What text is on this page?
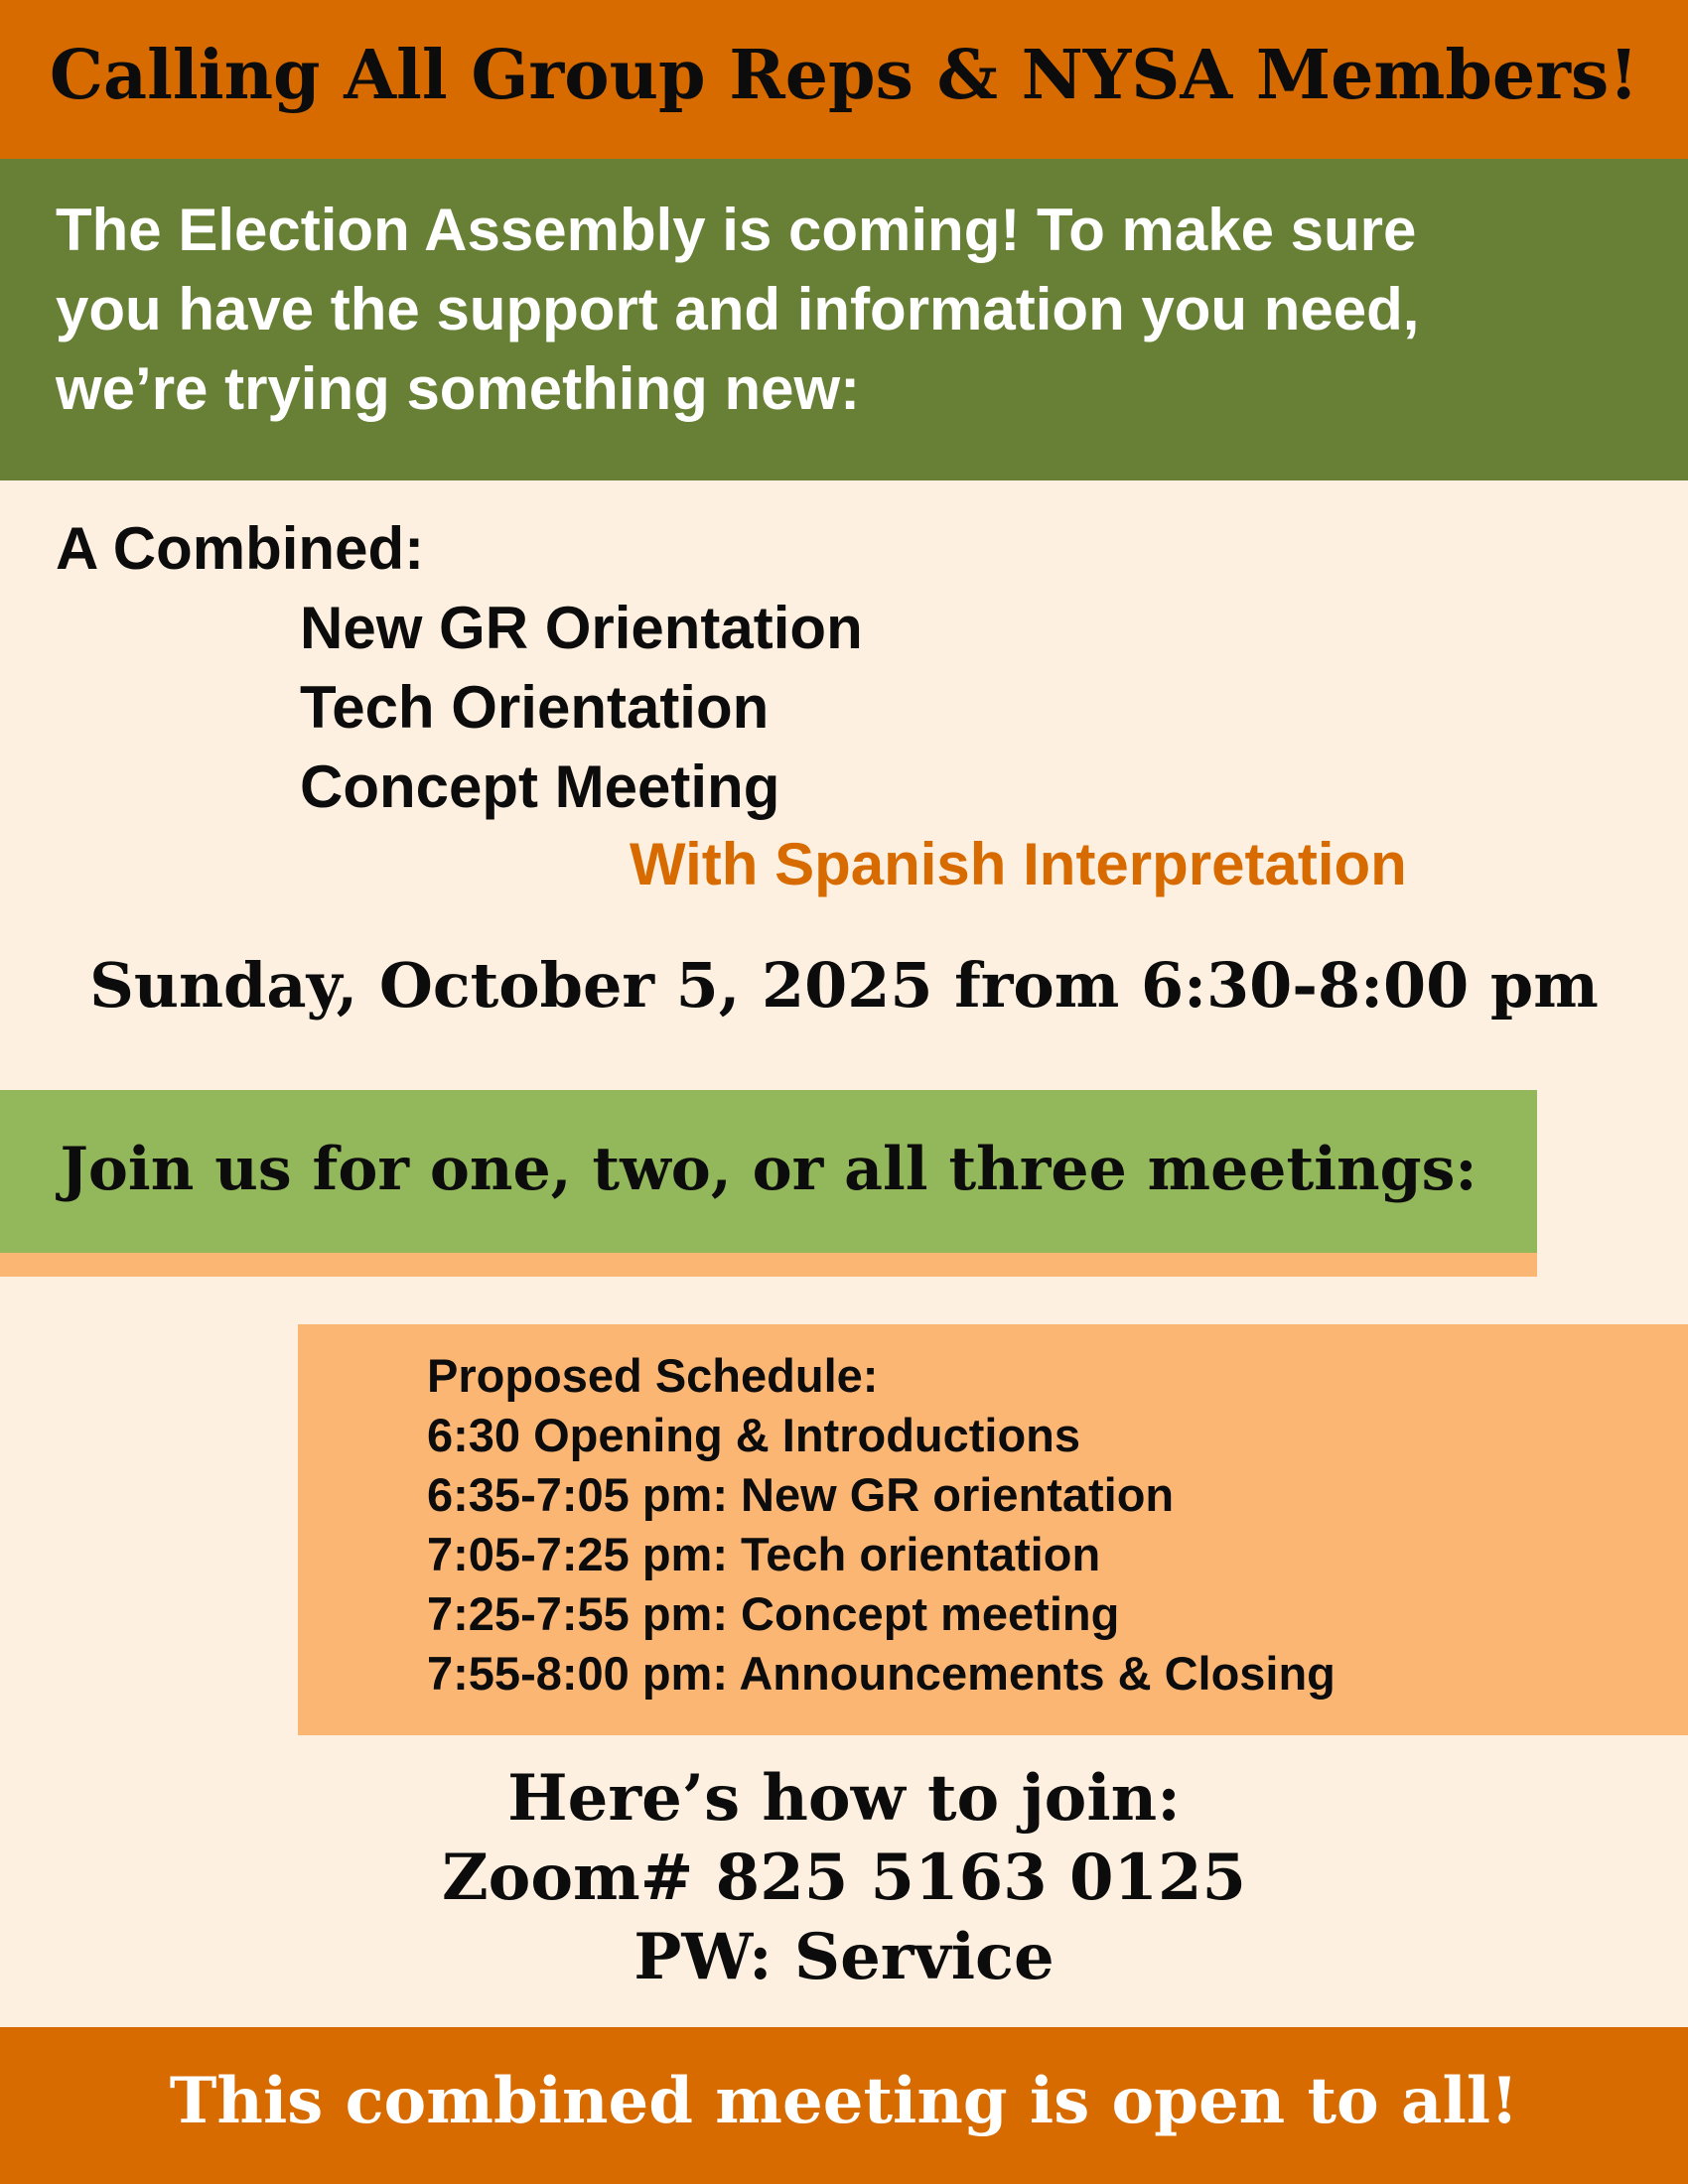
Calling All Group Reps & NYSA Members!
The Election Assembly is coming! To make sure
you have the support and information you need,
we’re trying something new:
A Combined:
New GR Orientation
Tech Orientation
Concept Meeting
With Spanish Interpretation
Sunday, October 5, 2025 from 6:30-8:00 pm
Join us for one, two, or all three meetings:
Proposed Schedule:
6:30 Opening & Introductions
6:35-7:05 pm: New GR orientation
7:05-7:25 pm: Tech orientation
7:25-7:55 pm: Concept meeting
7:55-8:00 pm: Announcements & Closing
Here’s how to join:
Zoom# 825 5163 0125
PW: Service
This combined meeting is open to all!
